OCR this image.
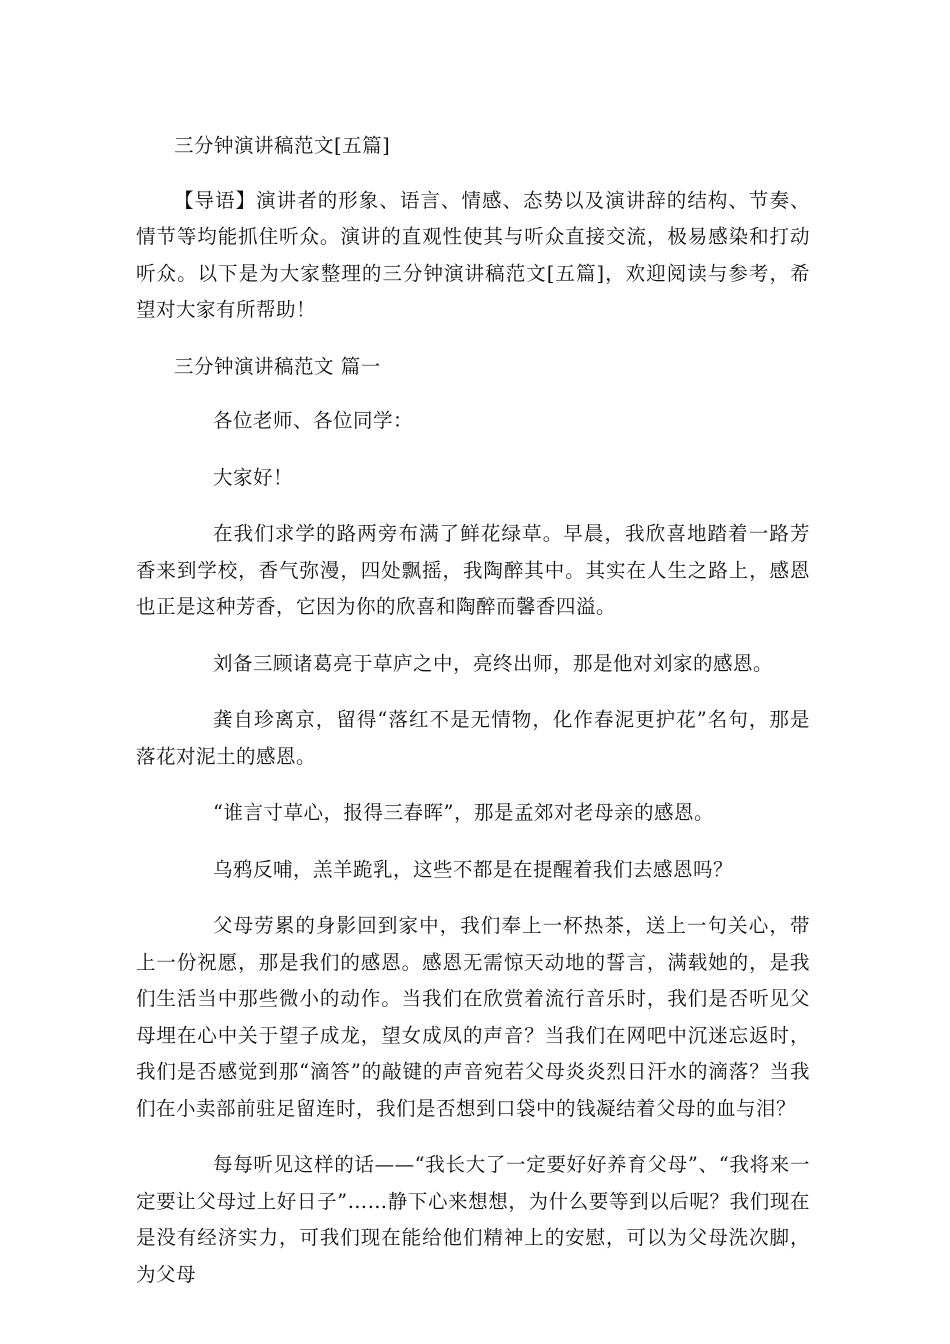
三分钟演讲稿范文[五篇]

【导语】演讲者的形象、语言、情感、态势以及演讲辞的结构、节奏、情节等均能抓住听众。演讲的直观性使其与听众直接交流，极易感染和打动听众。以下是为大家整理的三分钟演讲稿范文[五篇]，欢迎阅读与参考，希望对大家有所帮助！

三分钟演讲稿范文 篇一

各位老师、各位同学：

大家好！

在我们求学的路两旁布满了鲜花绿草。早晨，我欣喜地踏着一路芳香来到学校，香气弥漫，四处飘摇，我陶醉其中。其实在人生之路上，感恩也正是这种芳香，它因为你的欣喜和陶醉而馨香四溢。

刘备三顾诸葛亮于草庐之中，亮终出师，那是他对刘家的感恩。

龚自珍离京，留得“落红不是无情物，化作春泥更护花”名句，那是落花对泥土的感恩。

“谁言寸草心，报得三春晖”，那是孟郊对老母亲的感恩。

乌鸦反哺，羔羊跪乳，这些不都是在提醒着我们去感恩吗？

父母劳累的身影回到家中，我们奉上一杯热茶，送上一句关心，带上一份祝愿，那是我们的感恩。感恩无需惊天动地的誓言，满载她的，是我们生活当中那些微小的动作。当我们在欣赏着流行音乐时，我们是否听见父母埋在心中关于望子成龙，望女成凤的声音？当我们在网吧中沉迷忘返时，我们是否感觉到那“滴答”的敲键的声音宛若父母炎炎烈日汗水的滴落？当我们在小卖部前驻足留连时，我们是否想到口袋中的钱凝结着父母的血与泪？

每每听见这样的话——“我长大了一定要好好养育父母”、“我将来一定要让父母过上好日子”……静下心来想想，为什么要等到以后呢？我们现在是没有经济实力，可我们现在能给他们精神上的安慰，可以为父母洗次脚，为父母
